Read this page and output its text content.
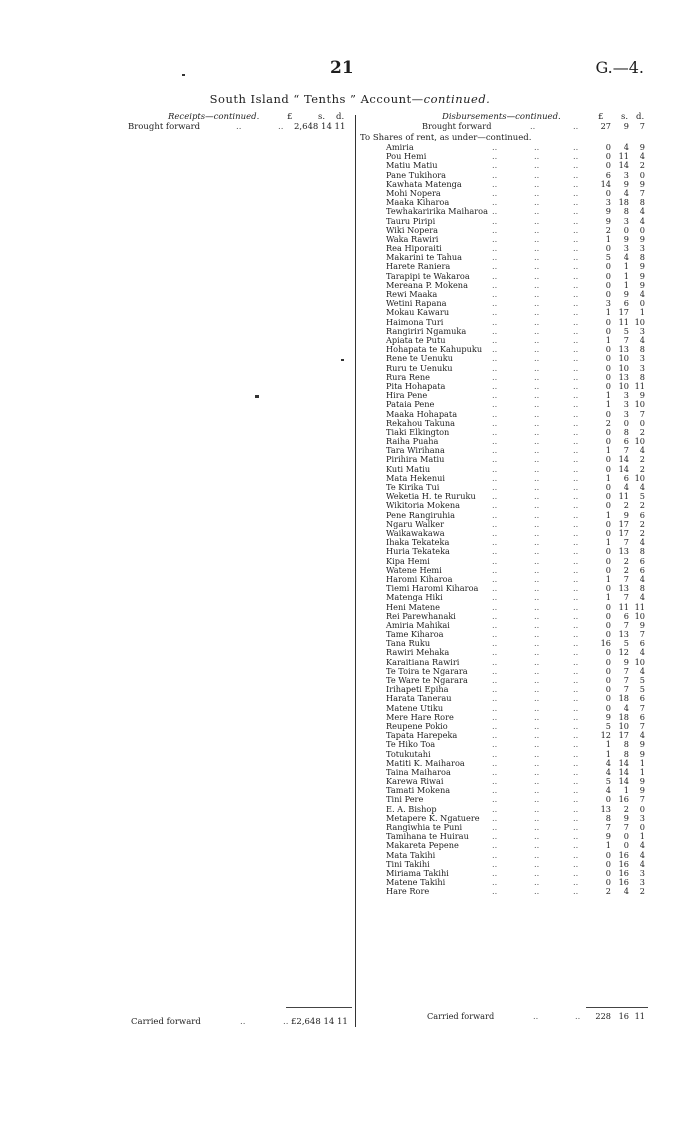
21	G.—4.
South Island “ Tenths ” Account—continued.
Receipts—continued.	£	s. d.
Brought forward	..	.. 2,648 14 11
Disbursements—continued.	£ s. d.
Brought forward	..	..	27	9	7
To Shares of rent, as under—continued.
Amiria	..	..	..	0	4	9
Pou Hemi	..	..	..	0 11	4
Matiu Matiu	..	..	..	0 14	2
Pane Tukihora	..	..	..	6	3	0
Kawhata Matenga	..	..	..	14	9	9
Mohi Nopera	..	..	..	0	4	7
Maaka Kiharoa	..	..	..	3 18	8
Tewhakaririka Maiharoa ..	..	..	9	8	4
Tauru Piripi	..	..	..	9	3	4
Wiki Nopera	..	..	..	2	0	0
Waka Rawiri	..	..	..	1	9	9
Rea Hiporaiti	..	..	..	0	3	3
Makarini te Tahua	..	..	..	5	4	8
Harete Raniera	..	..	..	0	1	9
Tarapipi te Wakaroa	..	..	..	0	1	9
Mereana P. Mokena	..	..	..	0	1	9
Rewi Maaka	..	..	..	0	9	4
Wetini Rapana	..	..	..	3	6	0
Mokau Kawaru	..	..	..	1 17	1
Haimona Turi	..	..	..	0 11 10
Rangiriri Ngamuka	..	..	..	0	5	3
Apiata te Putu	..	..	..	1	7	4
Hohapata te Kahupuku ..	..	..	0 13	8
Rene te Uenuku	..	..	..	0 10	3
Ruru te Uenuku	..	..	..	0 10	3
Rura Rene	..	..	..	0 13	8
Pita Hohapata	..	..	..	0 10 11
Hira Pene	..	..	..	1	3	9
Pataia Pene	..	..	..	1	3 10
Maaka Hohapata	..	..	..	0	3	7
Rekahou Takuna	..	..	..	2	0	0
Tiaki Elkington	..	..	..	0	8	2
Raiha Puaha	..	..	..	0	6 10
Tara Wirihana	..	..	..	1	7	4
Pirihira Matiu	..	..	..	0 14	2
Kuti Matiu	..	..	..	0 14	2
Mata Hekenui	..	..	..	1	6 10
Te Kirika Tui	..	..	..	0	4	4
Weketia H. te Ruruku ..	..	..	0 11	5
Wikitoria Mokena	..	..	..	0	2	2
Pene Rangiruhia	..	..	..	1	9	6
Ngaru Walker	..	..	..	0 17	2
Waikawakawa	..	..	..	0 17	2
Ihaka Tekateka	..	..	..	1	7	4
Huria Tekateka	..	..	..	0 13	8
Kipa Hemi	..	..	..	0	2	6
Watene Hemi	..	..	..	0	2	6
Haromi Kiharoa	..	..	..	1	7	4
Tiemi Haromi Kiharoa ..	..	..	0 13	8
Matenga Hiki	..	..	..	1	7	4
Heni Matene	..	..	..	0 11 11
Rei Parewhanaki	..	..	..	0	6 10
Amiria Mahikai	..	..	..	0	7	9
Tame Kiharoa	..	..	..	0 13	7
Tana Ruku	..	..	..	16	5	6
Rawiri Mehaka	..	..	..	0 12	4
Karaitiana Rawiri	..	..	..	0	9 10
Te Toira te Ngarara	..	..	..	0	7	4
Te Ware te Ngarara	..	..	..	0	7	5
Irihapeti Epiha	..	..	..	0	7	5
Harata Tanerau	..	..	..	0 18	6
Matene Utiku	..	..	..	0	4	7
Mere Hare Rore	..	..	..	9 18	6
Reupene Pokio	..	..	..	5 10	7
Tapata Harepeka	..	..	..	12 17	4
Te Hiko Toa	..	..	..	1	8	9
Totukutahi	..	..	..	1	8	9
Matiti K. Maiharoa	..	..	..	4 14	1
Taina Maiharoa	..	..	..	4 14	1
Karewa Riwai	..	..	..	5 14	9
Tamati Mokena	..	..	..	4	1	9
Tini Pere	..	..	..	0 16	7
E. A. Bishop	..	..	..	13	2	0
Metapere K. Ngatuere ..	..	..	8	9	3
Rangiwhia te Puni	..	..	..	7	7	0
Tamihana te Huirau	..	..	..	9	0	1
Makareta Pepene	..	..	..	1	0	4
Mata Takihi	..	..	..	0 16	4
Tini Takihi	..	..	..	0 16	4
Miriama Takihi	..	..	..	0 16	3
Matene Takihi	..	..	..	0 16	3
Hare Rore	..	..	..	2	4	2
Carried forward	..	.. £2,648 14 11
Carried forward	..	..	228 16 11
